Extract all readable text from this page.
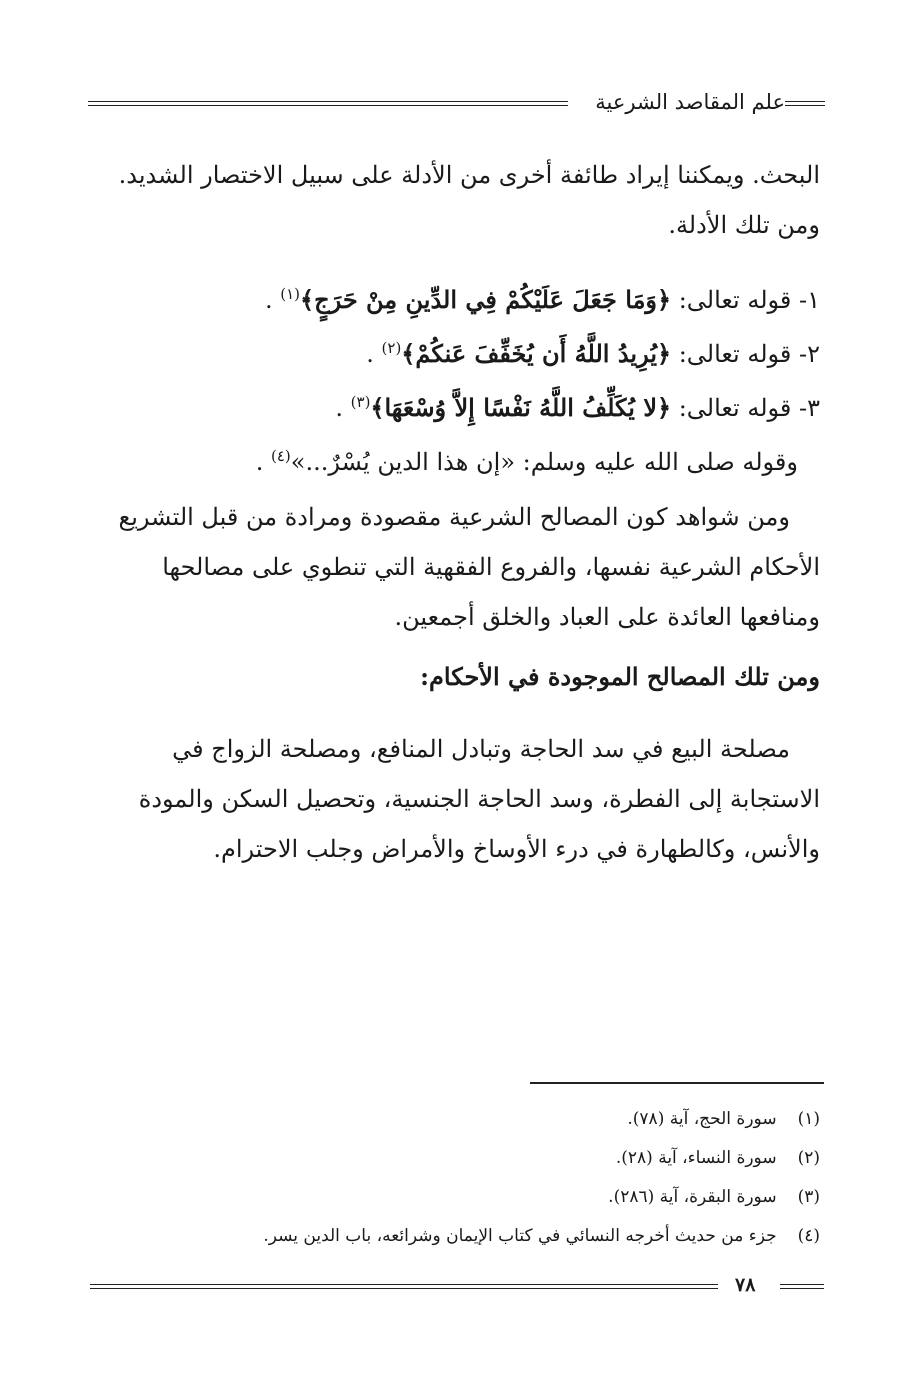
علم المقاصد الشرعية
البحث. ويمكننا إيراد طائفة أخرى من الأدلة على سبيل الاختصار الشديد.
ومن تلك الأدلة.
١- قوله تعالى: ﴿وَمَا جَعَلَ عَلَيْكُمْ فِي الدِّينِ مِنْ حَرَجٍ﴾$^{(١)}$ .
٢- قوله تعالى: ﴿يُرِيدُ اللَّهُ أَن يُخَفِّفَ عَنكُمْ﴾$^{(٢)}$ .
٣- قوله تعالى: ﴿لا يُكَلِّفُ اللَّهُ نَفْسًا إِلاَّ وُسْعَهَا﴾$^{(٣)}$ .
وقوله صلى الله عليه وسلم: «إن هذا الدين يُسْرٌ...»$^{(٤)}$ .
ومن شواهد كون المصالح الشرعية مقصودة ومرادة من قبل التشريع
الأحكام الشرعية نفسها، والفروع الفقهية التي تنطوي على مصالحها
ومنافعها العائدة على العباد والخلق أجمعين.
ومن تلك المصالح الموجودة في الأحكام:
مصلحة البيع في سد الحاجة وتبادل المنافع، ومصلحة الزواج في
الاستجابة إلى الفطرة، وسد الحاجة الجنسية، وتحصيل السكن والمودة
والأنس، وكالطهارة في درء الأوساخ والأمراض وجلب الاحترام.
(١) سورة الحج، آية (٧٨).
(٢) سورة النساء، آية (٢٨).
(٣) سورة البقرة، آية (٢٨٦).
(٤) جزء من حديث أخرجه النسائي في كتاب الإيمان وشرائعه، باب الدين يسر.
٧٨
